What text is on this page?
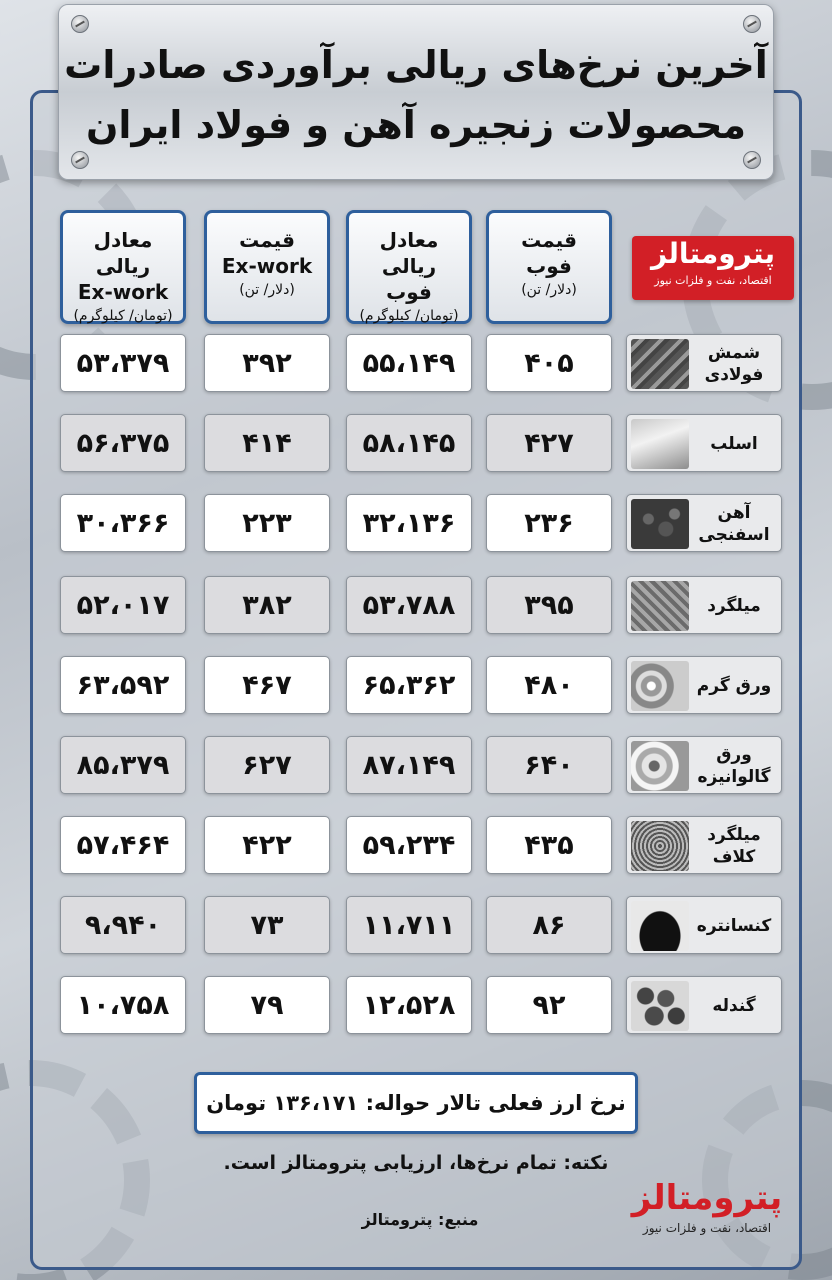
آخرین نرخ‌های ریالی برآوردی صادرات
محصولات زنجیره آهن و فولاد ایران
پترومتالز
اقتصاد، نفت و فلزات نیوز
قیمت
فوب
(دلار/ تن)
معادل ریالی
فوب
(تومان/ کیلوگرم)
قیمت
Ex-work
(دلار/ تن)
معادل ریالی
Ex-work
(تومان/ کیلوگرم)
شمش فولادی
۴۰۵
۵۵،۱۴۹
۳۹۲
۵۳،۳۷۹
اسلب
۴۲۷
۵۸،۱۴۵
۴۱۴
۵۶،۳۷۵
آهن اسفنجی
۲۳۶
۳۲،۱۳۶
۲۲۳
۳۰،۳۶۶
میلگرد
۳۹۵
۵۳،۷۸۸
۳۸۲
۵۲،۰۱۷
ورق گرم
۴۸۰
۶۵،۳۶۲
۴۶۷
۶۳،۵۹۲
ورق گالوانیزه
۶۴۰
۸۷،۱۴۹
۶۲۷
۸۵،۳۷۹
میلگرد کلاف
۴۳۵
۵۹،۲۳۴
۴۲۲
۵۷،۴۶۴
کنسانتره
۸۶
۱۱،۷۱۱
۷۳
۹،۹۴۰
گندله
۹۲
۱۲،۵۲۸
۷۹
۱۰،۷۵۸
نرخ ارز فعلی تالار حواله: ۱۳۶،۱۷۱ تومان
نکته: تمام نرخ‌ها، ارزیابی پترومتالز است.
منبع: پترومتالز
پترومتالز
اقتصاد، نفت و فلزات نیوز
